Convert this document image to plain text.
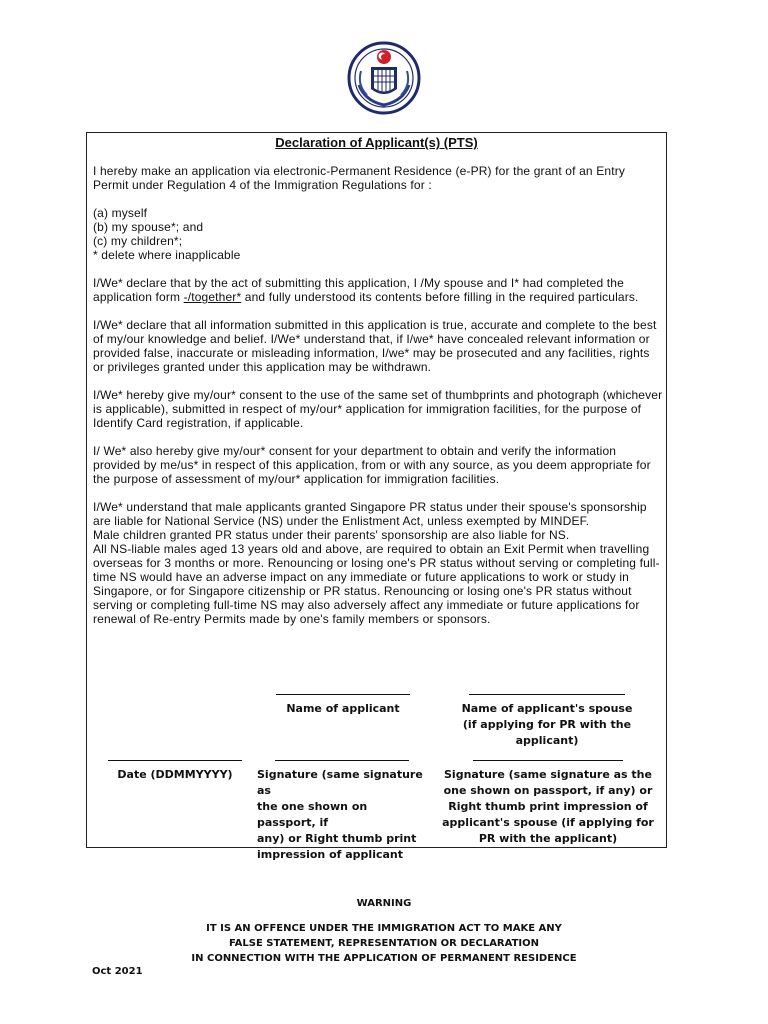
Declaration of Applicant(s) (PTS)

I hereby make an application via electronic-Permanent Residence (e-PR) for the grant of an Entry Permit under Regulation 4 of the Immigration Regulations for :

(a) myself
(b) my spouse*; and
(c) my children*;
* delete where inapplicable

I/We* declare that by the act of submitting this application, I /My spouse and I* had completed the application form -/together* and fully understood its contents before filling in the required particulars.

I/We* declare that all information submitted in this application is true, accurate and complete to the best of my/our knowledge and belief. I/We* understand that, if I/we* have concealed relevant information or provided false, inaccurate or misleading information, I/we* may be prosecuted and any facilities, rights or privileges granted under this application may be withdrawn.

I/We* hereby give my/our* consent to the use of the same set of thumbprints and photograph (whichever is applicable), submitted in respect of my/our* application for immigration facilities, for the purpose of Identify Card registration, if applicable.

I/ We* also hereby give my/our* consent for your department to obtain and verify the information provided by me/us* in respect of this application, from or with any source, as you deem appropriate for the purpose of assessment of my/our* application for immigration facilities.

I/We* understand that male applicants granted Singapore PR status under their spouse's sponsorship are liable for National Service (NS) under the Enlistment Act, unless exempted by MINDEF.
Male children granted PR status under their parents' sponsorship are also liable for NS.
All NS-liable males aged 13 years old and above, are required to obtain an Exit Permit when travelling overseas for 3 months or more. Renouncing or losing one's PR status without serving or completing full-time NS would have an adverse impact on any immediate or future applications to work or study in Singapore, or for Singapore citizenship or PR status. Renouncing or losing one's PR status without serving or completing full-time NS may also adversely affect any immediate or future applications for renewal of Re-entry Permits made by one's family members or sponsors.

Name of applicant	Name of applicant's spouse
(if applying for PR with the applicant)
Date (DDMMYYYY)	Signature (same signature as
the one shown on passport, if
any) or Right thumb print
impression of applicant
Signature (same signature as the
one shown on passport, if any) or
Right thumb print impression of
applicant's spouse (if applying for
PR with the applicant)
WARNING
IT IS AN OFFENCE UNDER THE IMMIGRATION ACT TO MAKE ANY
FALSE STATEMENT, REPRESENTATION OR DECLARATION
IN CONNECTION WITH THE APPLICATION OF PERMANENT RESIDENCE
Oct 2021
